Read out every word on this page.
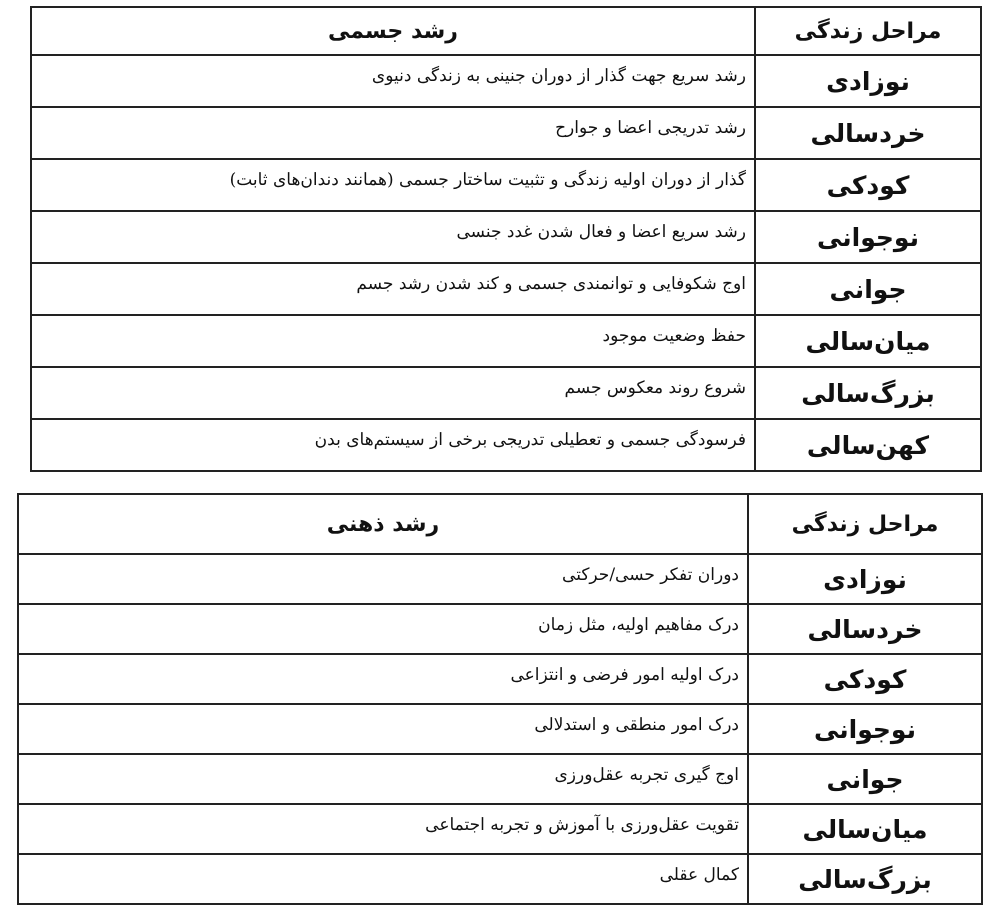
مراحل زندگی	رشد جسمی
نوزادی	رشد سریع جهت گذار از دوران جنینی به زندگی دنیوی
خردسالی	رشد تدریجی اعضا و جوارح
کودکی	گذار از دوران اولیه زندگی و تثبیت ساختار جسمی (همانند دندان‌های ثابت)
نوجوانی	رشد سریع اعضا و فعال شدن غدد جنسی
جوانی	اوج شکوفایی و توانمندی جسمی و کند شدن رشد جسم
میان‌سالی	حفظ وضعیت موجود
بزرگ‌سالی	شروع روند معکوس جسم
کهن‌سالی	فرسودگی جسمی و تعطیلی تدریجی برخی از سیستم‌های بدن
مراحل زندگی	رشد ذهنی
نوزادی	دوران تفکر حسی/حرکتی
خردسالی	درک مفاهیم اولیه، مثل زمان
کودکی	درک اولیه امور فرضی و انتزاعی
نوجوانی	درک امور منطقی و استدلالی
جوانی	اوج گیری تجربه عقل‌ورزی
میان‌سالی	تقویت عقل‌ورزی با آموزش و تجربه اجتماعی
بزرگ‌سالی	کمال عقلی
